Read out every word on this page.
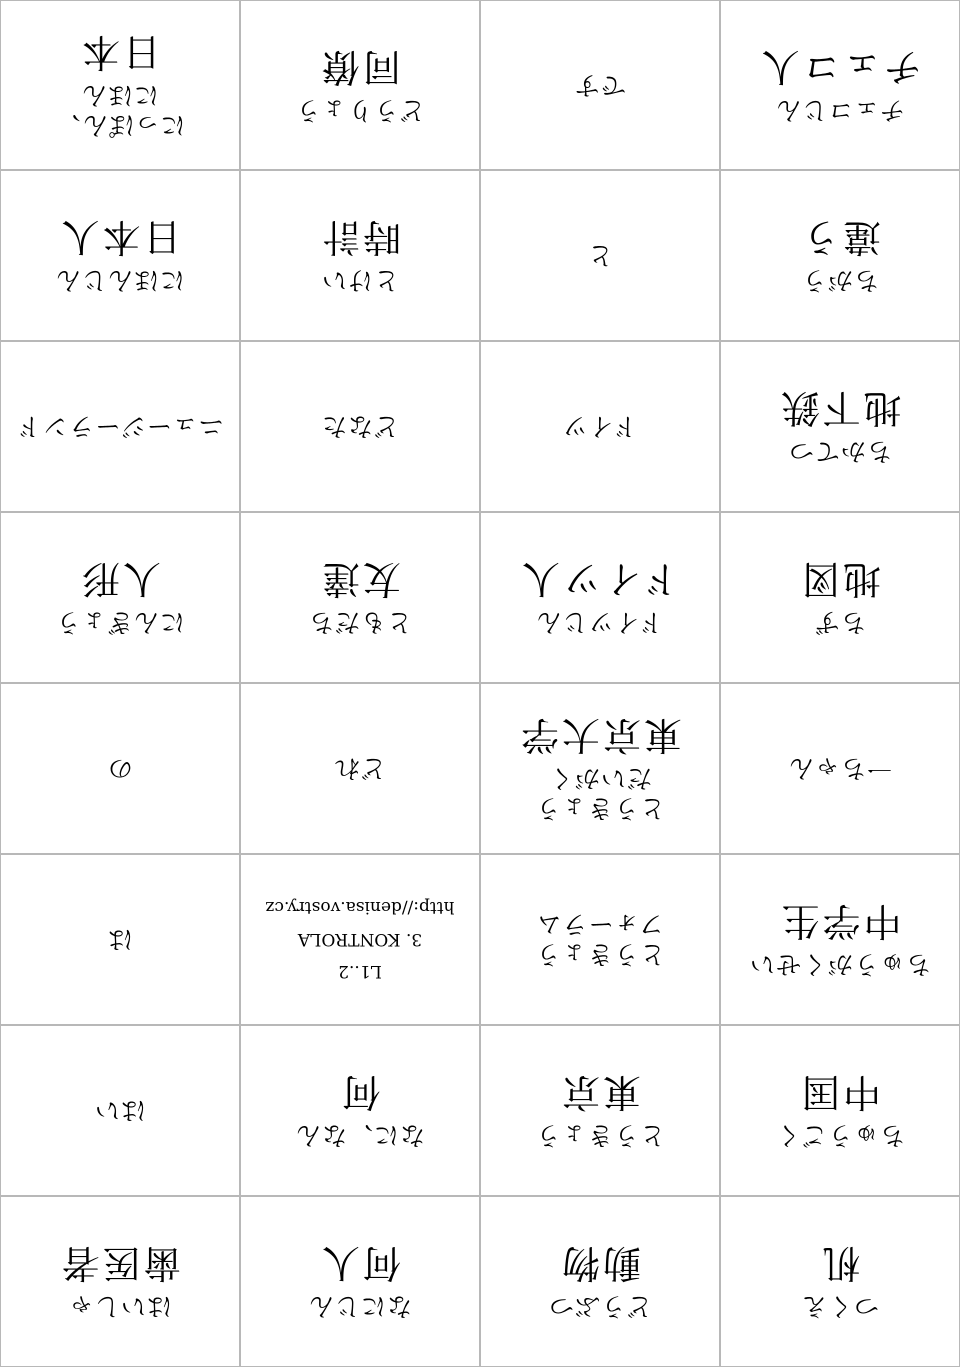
つくえ
机
どうぶつ
動物
なにじん
何人
はいしゃ
歯医者
ちゅうごく
中国
とうきょう
東京
なに、なん
何
はい
ちゅうがくせい
中学生
とうきょう
フォーラム
L1..2
3. KONTROLA
http://denisa.vostry.cz
は
一ちゃん
とうきょう
だいがく
東京大学
どれ
の
ちず
地図
ドイツじん
ドイツ人
ともだち
友達
にんぎょう
人形
ちかてつ
地下鉄
ドイツ
どなた
ニュージーランド
ちがう
違う
と
とけい
時計
にほんじん
日本人
チェコじん
チェコ人
です
どうりょう
同僚
にっぽん、
にほん
日本
